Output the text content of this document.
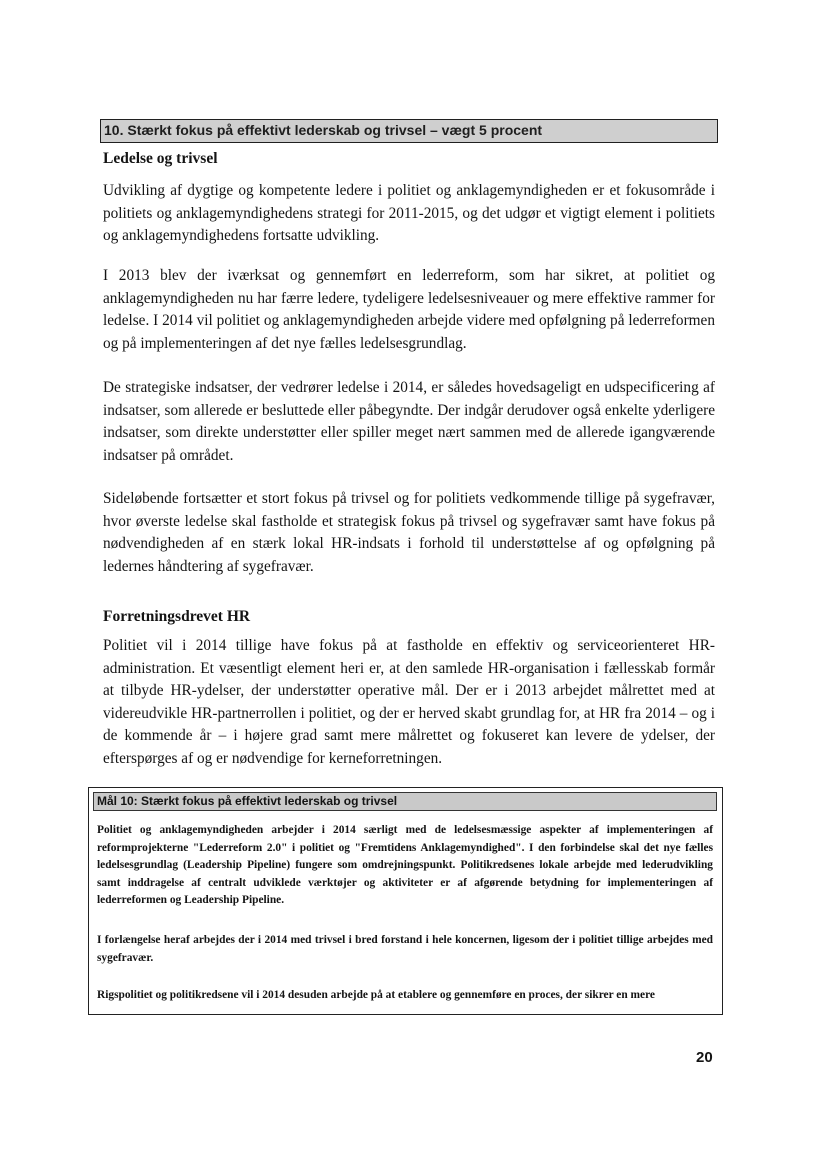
10. Stærkt fokus på effektivt lederskab og trivsel – vægt 5 procent
Ledelse og trivsel

Udvikling af dygtige og kompetente ledere i politiet og anklagemyndigheden er et fokusområde i politiets og anklagemyndighedens strategi for 2011-2015, og det udgør et vigtigt element i politiets og anklagemyndighedens fortsatte udvikling.

I 2013 blev der iværksat og gennemført en lederreform, som har sikret, at politiet og anklagemyndigheden nu har færre ledere, tydeligere ledelsesniveauer og mere effektive rammer for ledelse. I 2014 vil politiet og anklagemyndigheden arbejde videre med opfølgning på lederreformen og på implementeringen af det nye fælles ledelsesgrundlag.

De strategiske indsatser, der vedrører ledelse i 2014, er således hovedsageligt en udspecificering af indsatser, som allerede er besluttede eller påbegyndte. Der indgår derudover også enkelte yderligere indsatser, som direkte understøtter eller spiller meget nært sammen med de allerede igangværende indsatser på området.

Sideløbende fortsætter et stort fokus på trivsel og for politiets vedkommende tillige på sygefravær, hvor øverste ledelse skal fastholde et strategisk fokus på trivsel og sygefravær samt have fokus på nødvendigheden af en stærk lokal HR-indsats i forhold til understøttelse af og opfølgning på ledernes håndtering af sygefravær.

Forretningsdrevet HR

Politiet vil i 2014 tillige have fokus på at fastholde en effektiv og serviceorienteret HR-administration. Et væsentligt element heri er, at den samlede HR-organisation i fællesskab formår at tilbyde HR-ydelser, der understøtter operative mål. Der er i 2013 arbejdet målrettet med at videreudvikle HR-partnerrollen i politiet, og der er herved skabt grundlag for, at HR fra 2014 – og i de kommende år – i højere grad samt mere målrettet og fokuseret kan levere de ydelser, der efterspørges af og er nødvendige for kerneforretningen.

Mål 10: Stærkt fokus på effektivt lederskab og trivsel

Politiet og anklagemyndigheden arbejder i 2014 særligt med de ledelsesmæssige aspekter af implementeringen af reformprojekterne "Lederreform 2.0" i politiet og "Fremtidens Anklagemyndighed". I den forbindelse skal det nye fælles ledelsesgrundlag (Leadership Pipeline) fungere som omdrejningspunkt. Politikredsenes lokale arbejde med lederudvikling samt inddragelse af centralt udviklede værktøjer og aktiviteter er af afgørende betydning for implementeringen af lederreformen og Leadership Pipeline.

I forlængelse heraf arbejdes der i 2014 med trivsel i bred forstand i hele koncernen, ligesom der i politiet tillige arbejdes med sygefravær.

Rigspolitiet og politikredsene vil i 2014 desuden arbejde på at etablere og gennemføre en proces, der sikrer en mere

20
